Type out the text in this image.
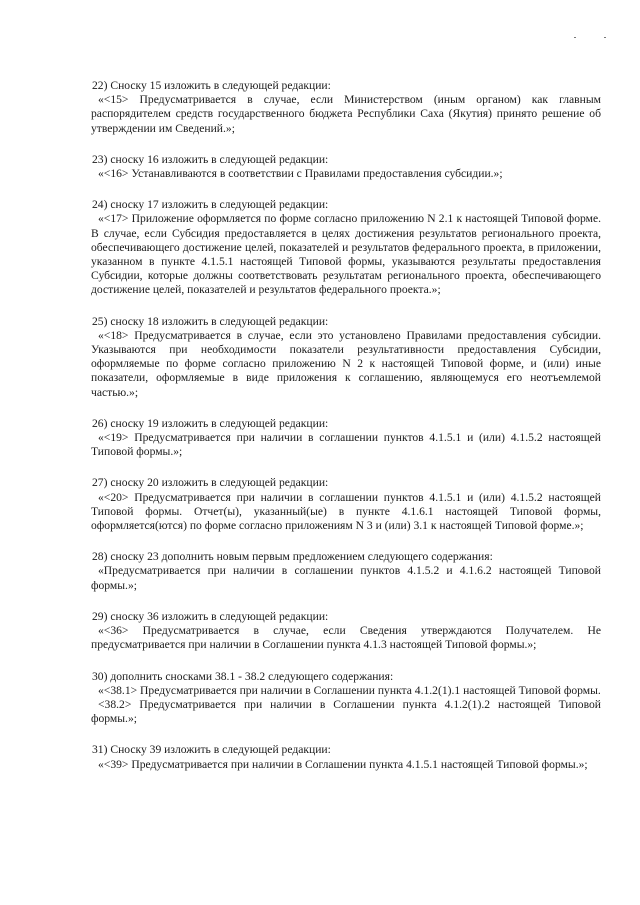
22) Сноску 15 изложить в следующей редакции:

«<15> Предусматривается в случае, если Министерством (иным органом) как главным распорядителем средств государственного бюджета Республики Саха (Якутия) принято решение об утверждении им Сведений.»;

23) сноску 16 изложить в следующей редакции:

«<16> Устанавливаются в соответствии с Правилами предоставления субсидии.»;

24) сноску 17 изложить в следующей редакции:

«<17> Приложение оформляется по форме согласно приложению N 2.1 к настоящей Типовой форме. В случае, если Субсидия предоставляется в целях достижения результатов регионального проекта, обеспечивающего достижение целей, показателей и результатов федерального проекта, в приложении, указанном в пункте 4.1.5.1 настоящей Типовой формы, указываются результаты предоставления Субсидии, которые должны соответствовать результатам регионального проекта, обеспечивающего достижение целей, показателей и результатов федерального проекта.»;

25) сноску 18 изложить в следующей редакции:

«<18> Предусматривается в случае, если это установлено Правилами предоставления субсидии. Указываются при необходимости показатели результативности предоставления Субсидии, оформляемые по форме согласно приложению N 2 к настоящей Типовой форме, и (или) иные показатели, оформляемые в виде приложения к соглашению, являющемуся его неотъемлемой частью.»;

26) сноску 19 изложить в следующей редакции:

«<19> Предусматривается при наличии в соглашении пунктов 4.1.5.1 и (или) 4.1.5.2 настоящей Типовой формы.»;

27) сноску 20 изложить в следующей редакции:

«<20> Предусматривается при наличии в соглашении пунктов 4.1.5.1 и (или) 4.1.5.2 настоящей Типовой формы. Отчет(ы), указанный(ые) в пункте 4.1.6.1 настоящей Типовой формы, оформляется(ются) по форме согласно приложениям N 3 и (или) 3.1 к настоящей Типовой форме.»;

28) сноску 23 дополнить новым первым предложением следующего содержания:

«Предусматривается при наличии в соглашении пунктов 4.1.5.2 и 4.1.6.2 настоящей Типовой формы.»;

29) сноску 36 изложить в следующей редакции:

«<36> Предусматривается в случае, если Сведения утверждаются Получателем. Не предусматривается при наличии в Соглашении пункта 4.1.3 настоящей Типовой формы.»;

30) дополнить сносками 38.1 - 38.2 следующего содержания:

«<38.1> Предусматривается при наличии в Соглашении пункта 4.1.2(1).1 настоящей Типовой формы.

<38.2> Предусматривается при наличии в Соглашении пункта 4.1.2(1).2 настоящей Типовой формы.»;

31) Сноску 39 изложить в следующей редакции:

«<39> Предусматривается при наличии в Соглашении пункта 4.1.5.1 настоящей Типовой формы.»;
